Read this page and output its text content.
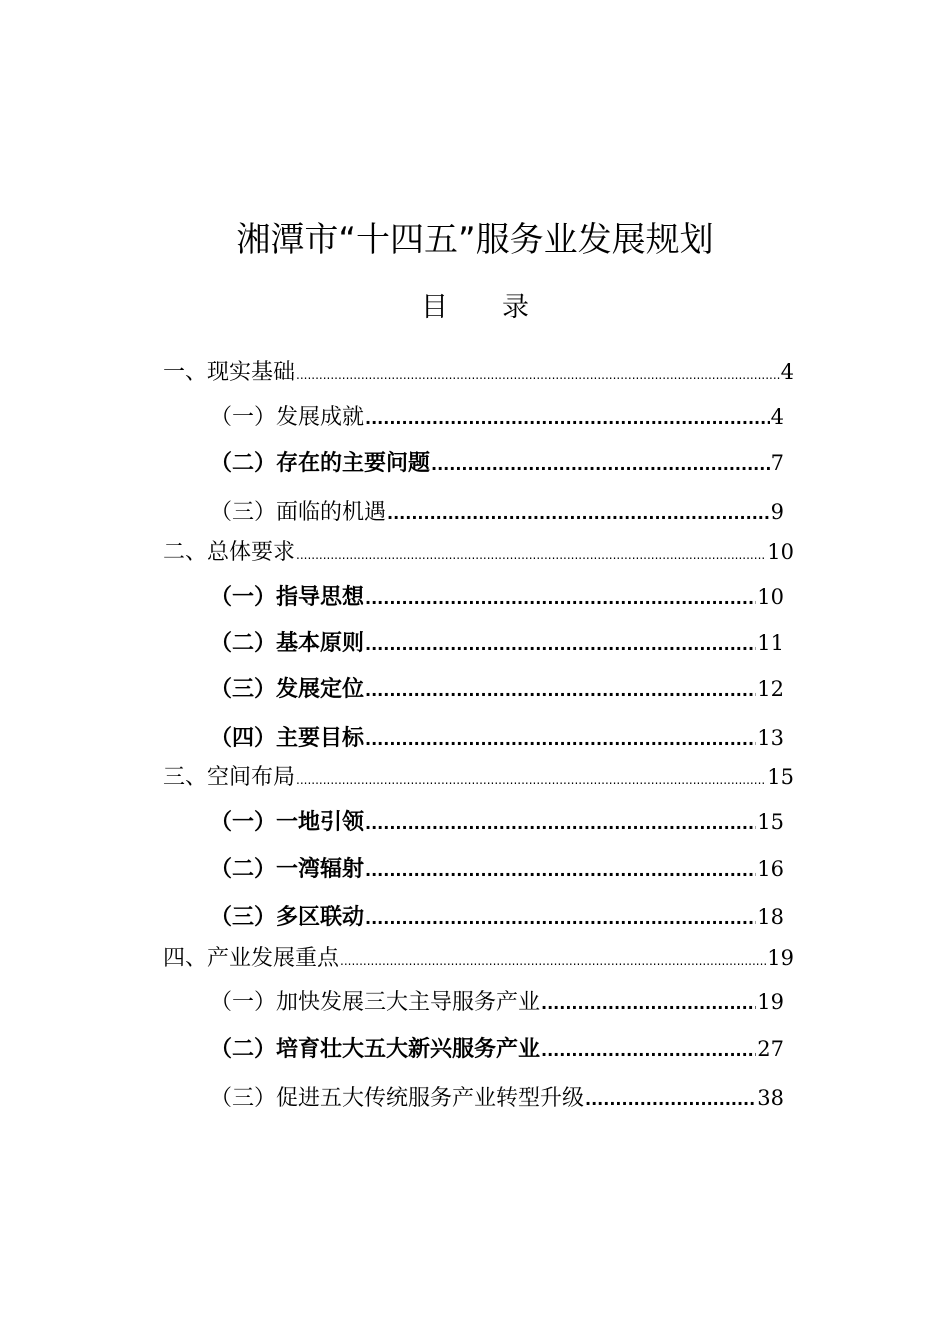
湘潭市“十四五”服务业发展规划
目　　录
一、现实基础 .....	4
（一）发展成就 .....	4
（二）存在的主要问题 .....	7
（三）面临的机遇 .....	9
二、总体要求 .....	10
（一）指导思想 .....	10
（二）基本原则 .....	11
（三）发展定位 .....	12
（四）主要目标 .....	13
三、空间布局 .....	15
（一）一地引领 .....	15
（二）一湾辐射 .....	16
（三）多区联动 .....	18
四、产业发展重点 .....	19
（一）加快发展三大主导服务产业 .....	19
（二）培育壮大五大新兴服务产业 .....	27
（三）促进五大传统服务产业转型升级 .....	38
